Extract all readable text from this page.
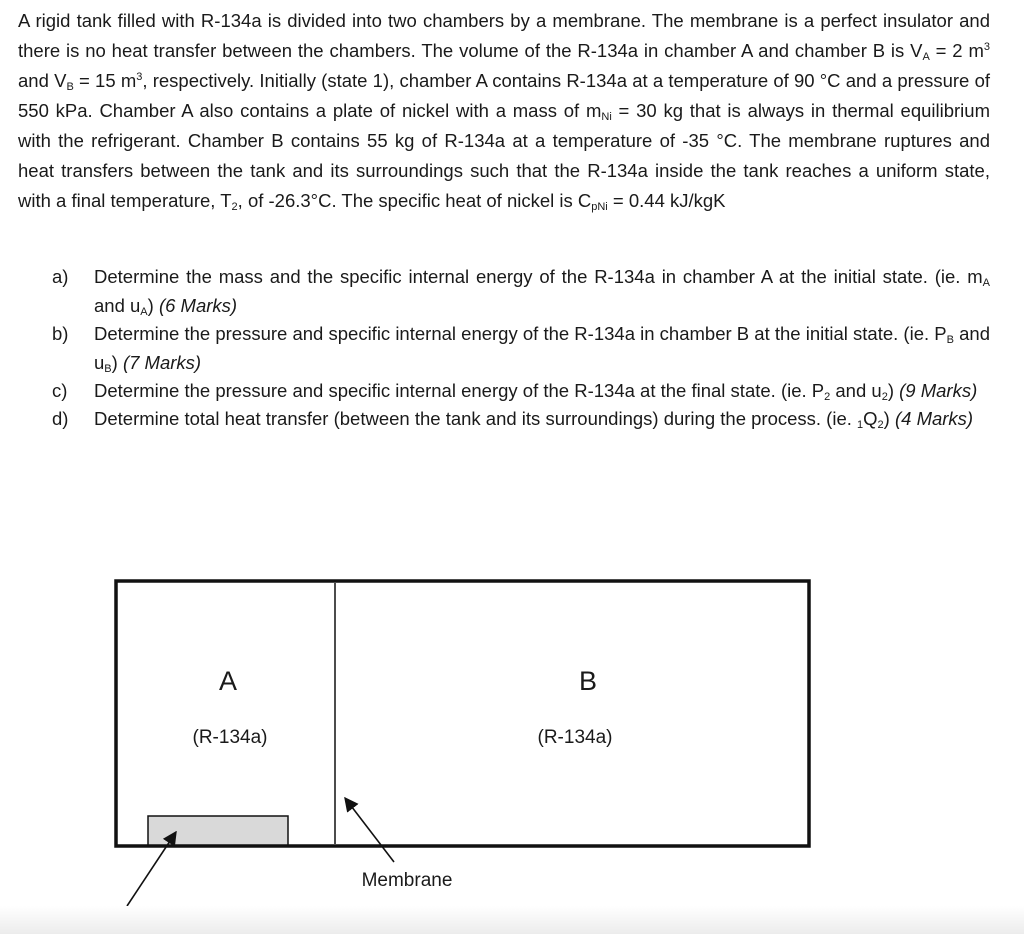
A rigid tank filled with R-134a is divided into two chambers by a membrane. The membrane is a perfect insulator and there is no heat transfer between the chambers. The volume of the R-134a in chamber A and chamber B is $V_A = 2$ $m^3$ and $V_B = 15$ $m^3$, respectively. Initially (state 1), chamber A contains R-134a at a temperature of 90 °C and a pressure of 550 kPa. Chamber A also contains a plate of nickel with a mass of $m_{Ni} = 30$ kg that is always in thermal equilibrium with the refrigerant. Chamber B contains 55 kg of R-134a at a temperature of -35 °C. The membrane ruptures and heat transfers between the tank and its surroundings such that the R-134a inside the tank reaches a uniform state, with a final temperature, $T_2$, of -26.3°C. The specific heat of nickel is $C_{pNi} = 0.44$ kJ/kgK

a)	Determine the mass and the specific internal energy of the R-134a in chamber A at the initial state. (ie. $m_A$ and $u_A$) (6 Marks)
b)	Determine the pressure and specific internal energy of the R-134a in chamber B at the initial state. (ie. $P_B$ and $u_B$) (7 Marks)
c)	Determine the pressure and specific internal energy of the R-134a at the final state. (ie. $P_2$ and $u_2$) (9 Marks)
d)	Determine total heat transfer (between the tank and its surroundings) during the process. (ie. $_1Q_2$) (4 Marks)
A
(R-134a)
B
(R-134a)
Membrane
